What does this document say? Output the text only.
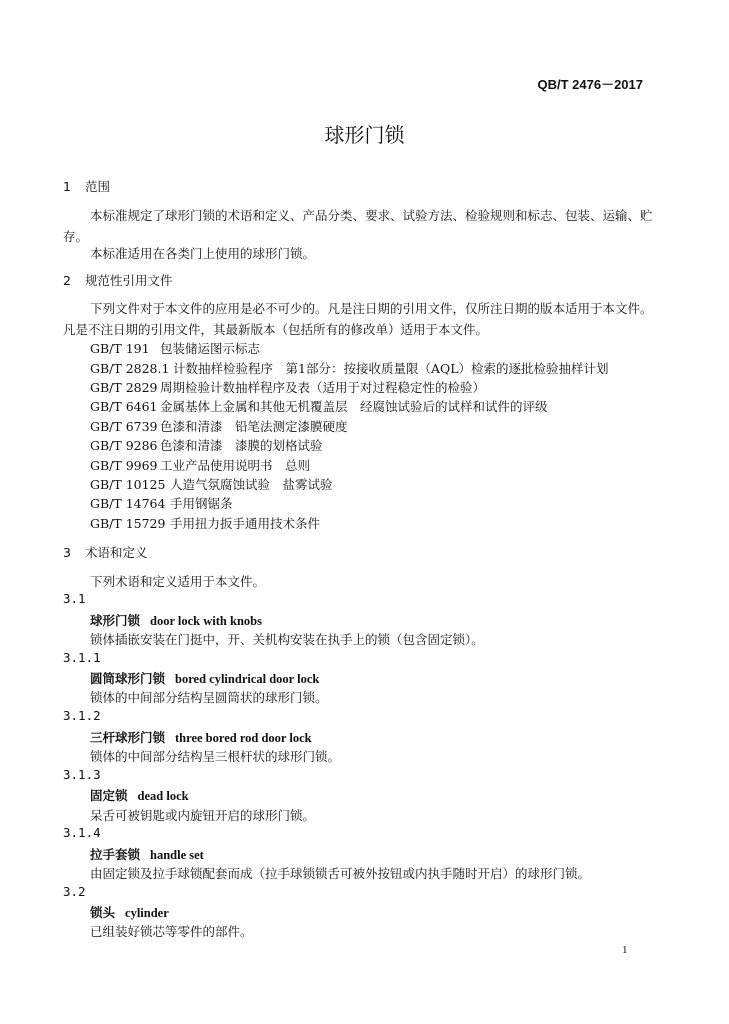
QB/T 2476－2017
球形门锁
1 范围
本标准规定了球形门锁的术语和定义、产品分类、要求、试验方法、检验规则和标志、包装、运输、贮存。
本标准适用在各类门上使用的球形门锁。
2 规范性引用文件
下列文件对于本文件的应用是必不可少的。凡是注日期的引用文件，仅所注日期的版本适用于本文件。凡是不注日期的引用文件，其最新版本（包括所有的修改单）适用于本文件。
GB/T 191 包装储运图示标志
GB/T 2828.1 计数抽样检验程序　第1部分：按接收质量限（AQL）检索的逐批检验抽样计划
GB/T 2829 周期检验计数抽样程序及表（适用于对过程稳定性的检验）
GB/T 6461 金属基体上金属和其他无机覆盖层　经腐蚀试验后的试样和试件的评级
GB/T 6739 色漆和清漆　铅笔法测定漆膜硬度
GB/T 9286 色漆和清漆　漆膜的划格试验
GB/T 9969 工业产品使用说明书　总则
GB/T 10125 人造气氛腐蚀试验　盐雾试验
GB/T 14764 手用钢锯条
GB/T 15729 手用扭力扳手通用技术条件
3 术语和定义
下列术语和定义适用于本文件。
3.1
球形门锁 door lock with knobs
锁体插嵌安装在门挺中，开、关机构安装在执手上的锁（包含固定锁）。
3.1.1
圆筒球形门锁 bored cylindrical door lock
锁体的中间部分结构呈圆筒状的球形门锁。
3.1.2
三杆球形门锁 three bored rod door lock
锁体的中间部分结构呈三根杆状的球形门锁。
3.1.3
固定锁 dead lock
呆舌可被钥匙或内旋钮开启的球形门锁。
3.1.4
拉手套锁 handle set
由固定锁及拉手球锁配套而成（拉手球锁锁舌可被外按钮或内执手随时开启）的球形门锁。
3.2
锁头 cylinder
已组装好锁芯等零件的部件。
1
